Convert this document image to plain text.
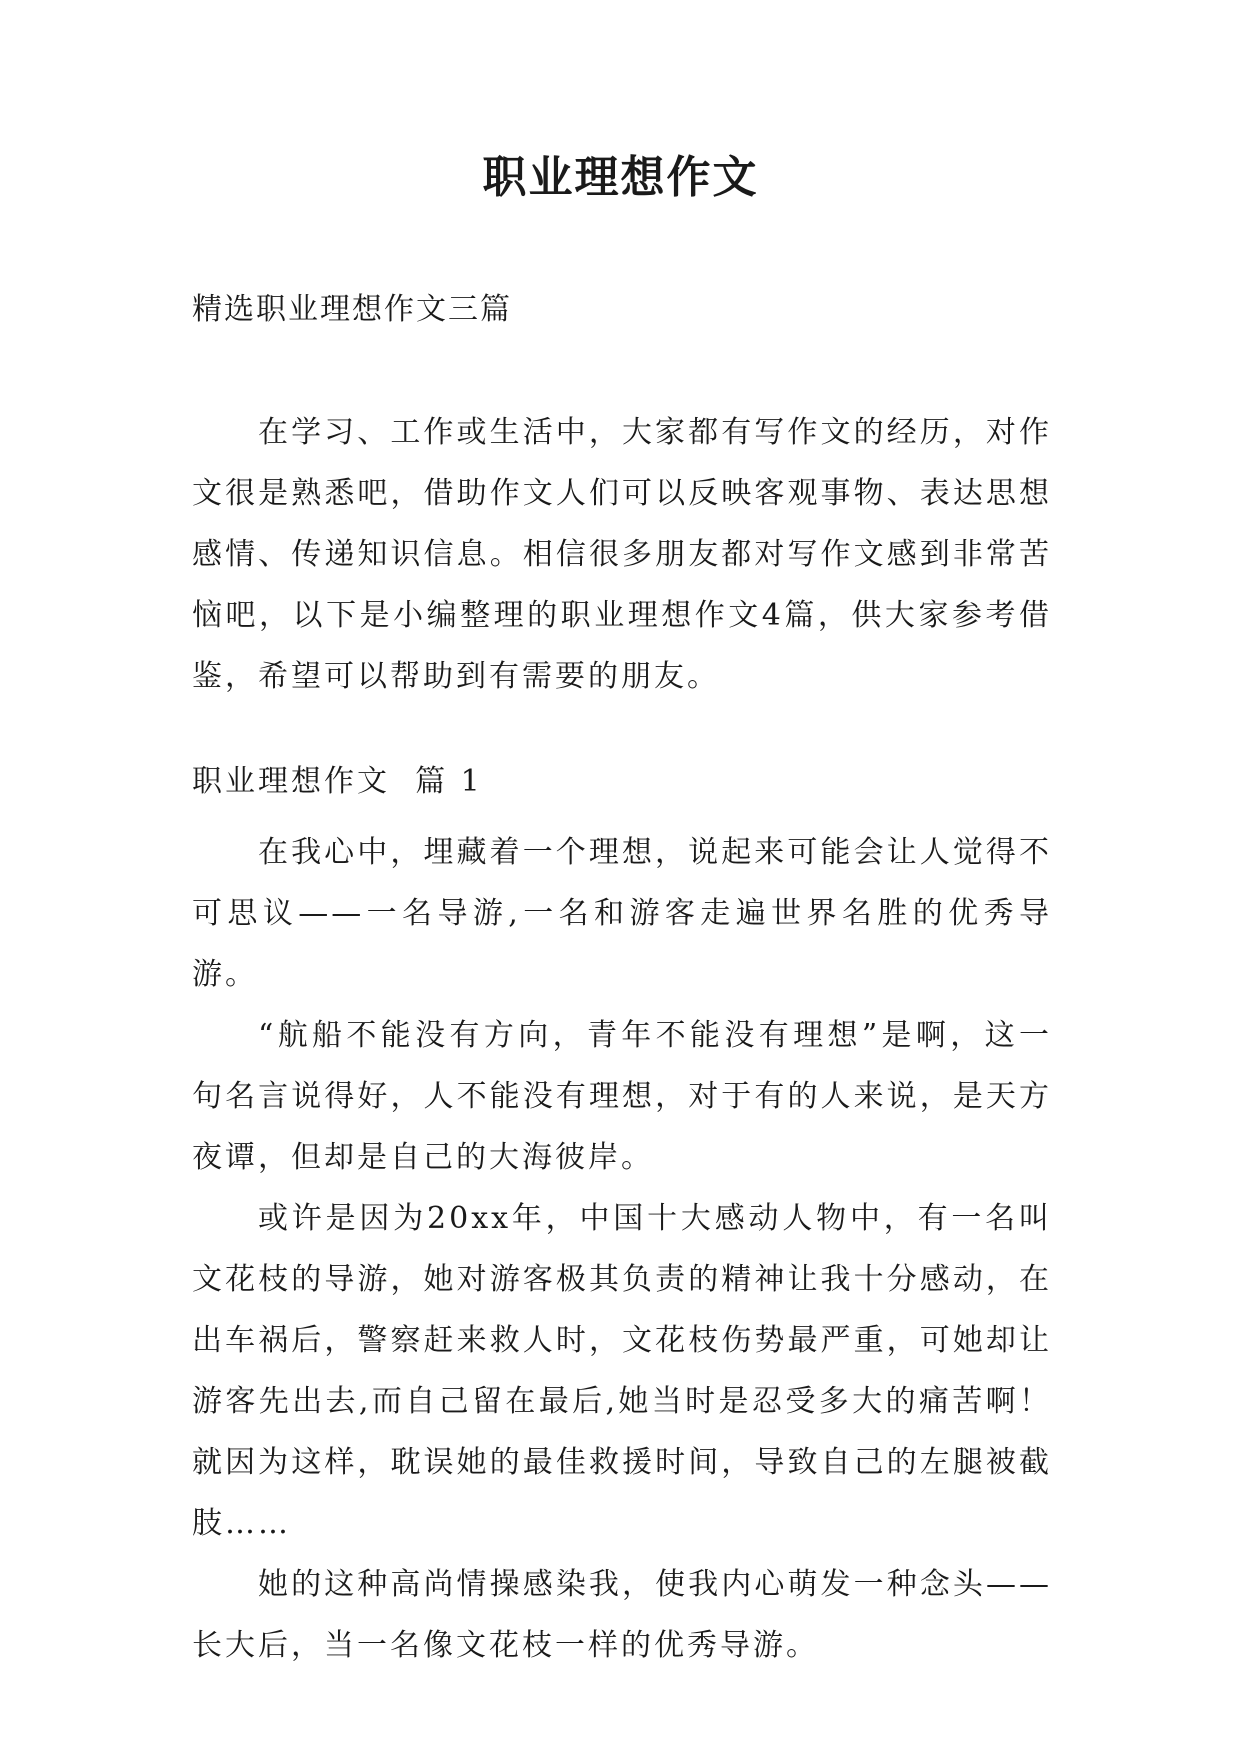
职业理想作文
精选职业理想作文三篇

在学习、工作或生活中，大家都有写作文的经历，对作文很是熟悉吧，借助作文人们可以反映客观事物、表达思想感情、传递知识信息。相信很多朋友都对写作文感到非常苦恼吧，以下是小编整理的职业理想作文4篇，供大家参考借鉴，希望可以帮助到有需要的朋友。

职业理想作文  篇 1

在我心中，埋藏着一个理想，说起来可能会让人觉得不可思议——一名导游,一名和游客走遍世界名胜的优秀导游。

“航船不能没有方向，青年不能没有理想”是啊，这一句名言说得好，人不能没有理想，对于有的人来说，是天方夜谭，但却是自己的大海彼岸。

或许是因为20xx年，中国十大感动人物中，有一名叫文花枝的导游，她对游客极其负责的精神让我十分感动，在出车祸后，警察赶来救人时，文花枝伤势最严重，可她却让游客先出去,而自己留在最后,她当时是忍受多大的痛苦啊！就因为这样，耽误她的最佳救援时间，导致自己的左腿被截肢……

她的这种高尚情操感染我，使我内心萌发一种念头——长大后，当一名像文花枝一样的优秀导游。
